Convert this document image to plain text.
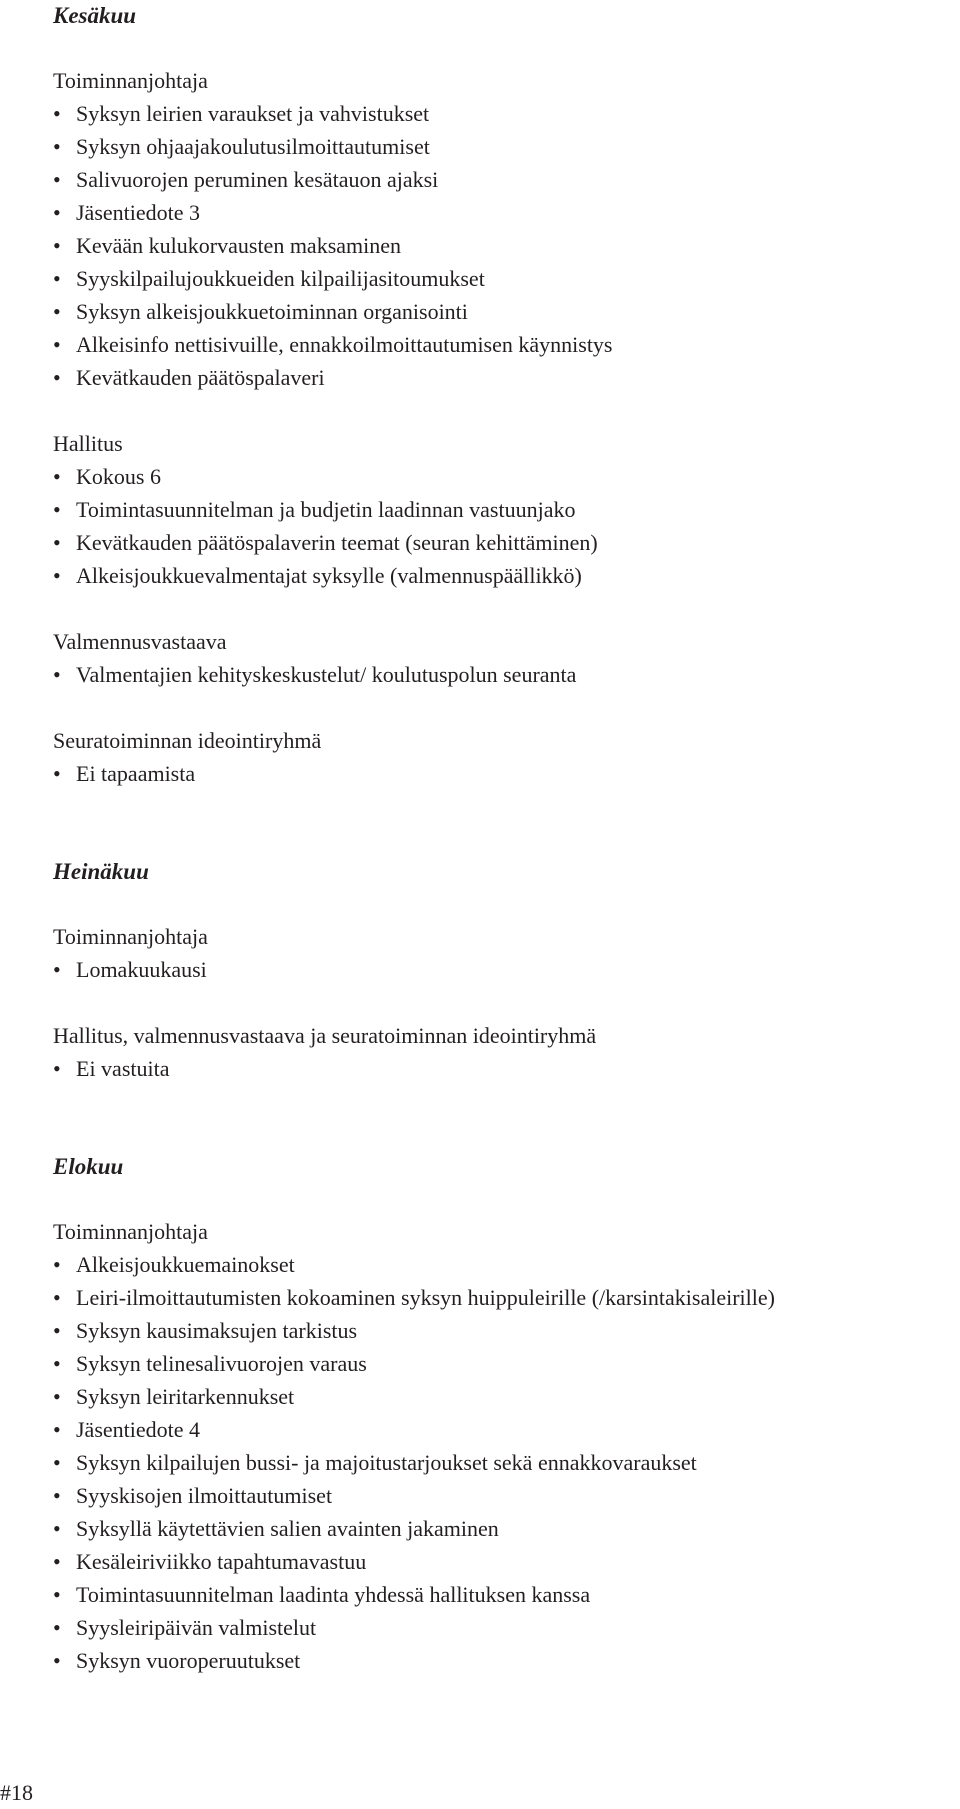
Kesäkuu
Toiminnanjohtaja
• Syksyn leirien varaukset ja vahvistukset
• Syksyn ohjaajakoulutusilmoittautumiset
• Salivuorojen peruminen kesätauon ajaksi
• Jäsentiedote 3
• Kevään kulukorvausten maksaminen
• Syyskilpailujoukkueiden kilpailijasitoumukset
• Syksyn alkeisjoukkuetoiminnan organisointi
• Alkeisinfo nettisivuille, ennakkoilmoittautumisen käynnistys
• Kevätkauden päätöspalaveri
Hallitus
• Kokous 6
• Toimintasuunnitelman ja budjetin laadinnan vastuunjako
• Kevätkauden päätöspalaverin teemat (seuran kehittäminen)
• Alkeisjoukkuevalmentajat syksylle (valmennuspäällikkö)
Valmennusvastaava
• Valmentajien kehityskeskustelut/ koulutuspolun seuranta
Seuratoiminnan ideointiryhmä
• Ei tapaamista
Heinäkuu
Toiminnanjohtaja
• Lomakuukausi
Hallitus, valmennusvastaava ja seuratoiminnan ideointiryhmä
• Ei vastuita
Elokuu
Toiminnanjohtaja
• Alkeisjoukkuemainokset
• Leiri-ilmoittautumisten kokoaminen syksyn huippuleirille (/karsintakisaleirille)
• Syksyn kausimaksujen tarkistus
• Syksyn telinesalivuorojen varaus
• Syksyn leiritarkennukset
• Jäsentiedote 4
• Syksyn kilpailujen bussi- ja majoitustarjoukset sekä ennakkovaraukset
• Syyskisojen ilmoittautumiset
• Syksyllä käytettävien salien avainten jakaminen
• Kesäleiriviikko tapahtumavastuu
• Toimintasuunnitelman laadinta yhdessä hallituksen kanssa
• Syysleiripäivän valmistelut
• Syksyn vuoroperuutukset
#18
